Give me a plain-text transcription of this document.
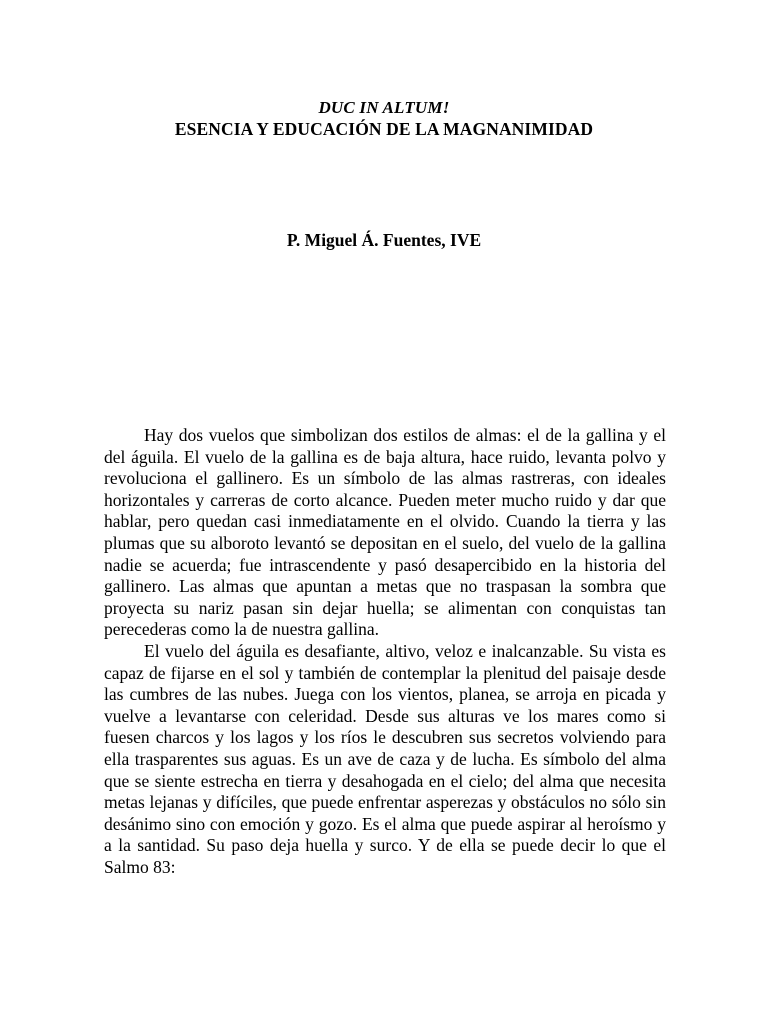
DUC IN ALTUM!
ESENCIA Y EDUCACIÓN DE LA MAGNANIMIDAD
P. Miguel Á. Fuentes, IVE

Hay dos vuelos que simbolizan dos estilos de almas: el de la gallina y el del águila. El vuelo de la gallina es de baja altura, hace ruido, levanta polvo y revoluciona el gallinero. Es un símbolo de las almas rastreras, con ideales horizontales y carreras de corto alcance. Pueden meter mucho ruido y dar que hablar, pero quedan casi inmediatamente en el olvido. Cuando la tierra y las plumas que su alboroto levantó se depositan en el suelo, del vuelo de la gallina nadie se acuerda; fue intrascendente y pasó desapercibido en la historia del gallinero. Las almas que apuntan a metas que no traspasan la sombra que proyecta su nariz pasan sin dejar huella; se alimentan con conquistas tan perecederas como la de nuestra gallina.

El vuelo del águila es desafiante, altivo, veloz e inalcanzable. Su vista es capaz de fijarse en el sol y también de contemplar la plenitud del paisaje desde las cumbres de las nubes. Juega con los vientos, planea, se arroja en picada y vuelve a levantarse con celeridad. Desde sus alturas ve los mares como si fuesen charcos y los lagos y los ríos le descubren sus secretos volviendo para ella trasparentes sus aguas. Es un ave de caza y de lucha. Es símbolo del alma que se siente estrecha en tierra y desahogada en el cielo; del alma que necesita metas lejanas y difíciles, que puede enfrentar asperezas y obstáculos no sólo sin desánimo sino con emoción y gozo. Es el alma que puede aspirar al heroísmo y a la santidad. Su paso deja huella y surco. Y de ella se puede decir lo que el Salmo 83:
